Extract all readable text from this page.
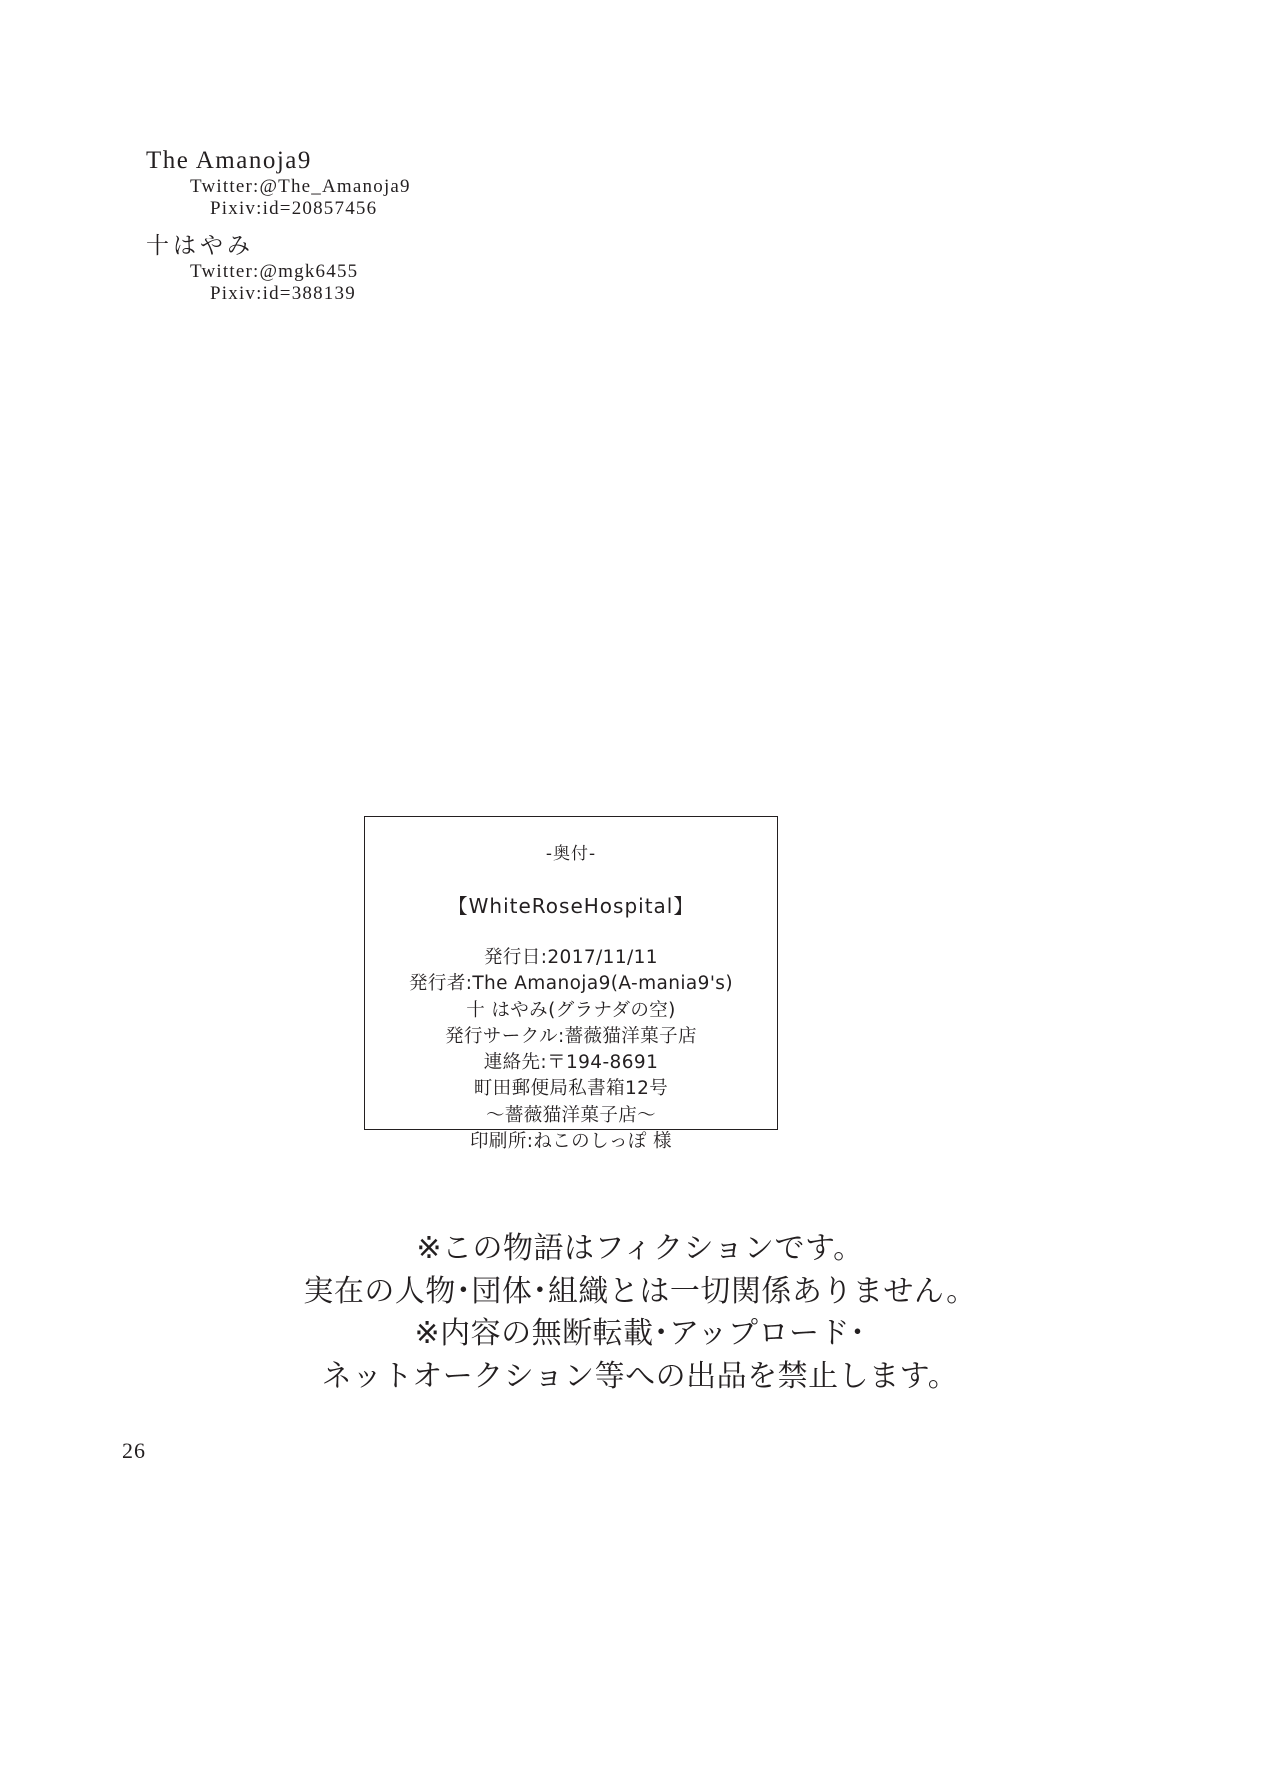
The Amanoja9
Twitter:@The_Amanoja9
Pixiv:id=20857456
十はやみ
Twitter:@mgk6455
Pixiv:id=388139
-奥付-
【WhiteRoseHospital】
発行日:2017/11/11
発行者:The Amanoja9(A-mania9's)
十 はやみ(グラナダの空)
発行サークル:薔薇猫洋菓子店
連絡先:〒194-8691
町田郵便局私書箱12号
〜薔薇猫洋菓子店〜
印刷所:ねこのしっぽ 様
※この物語はフィクションです。
実在の人物･団体･組織とは一切関係ありません。
※内容の無断転載･アップロード･
ネットオークション等への出品を禁止します。
26
